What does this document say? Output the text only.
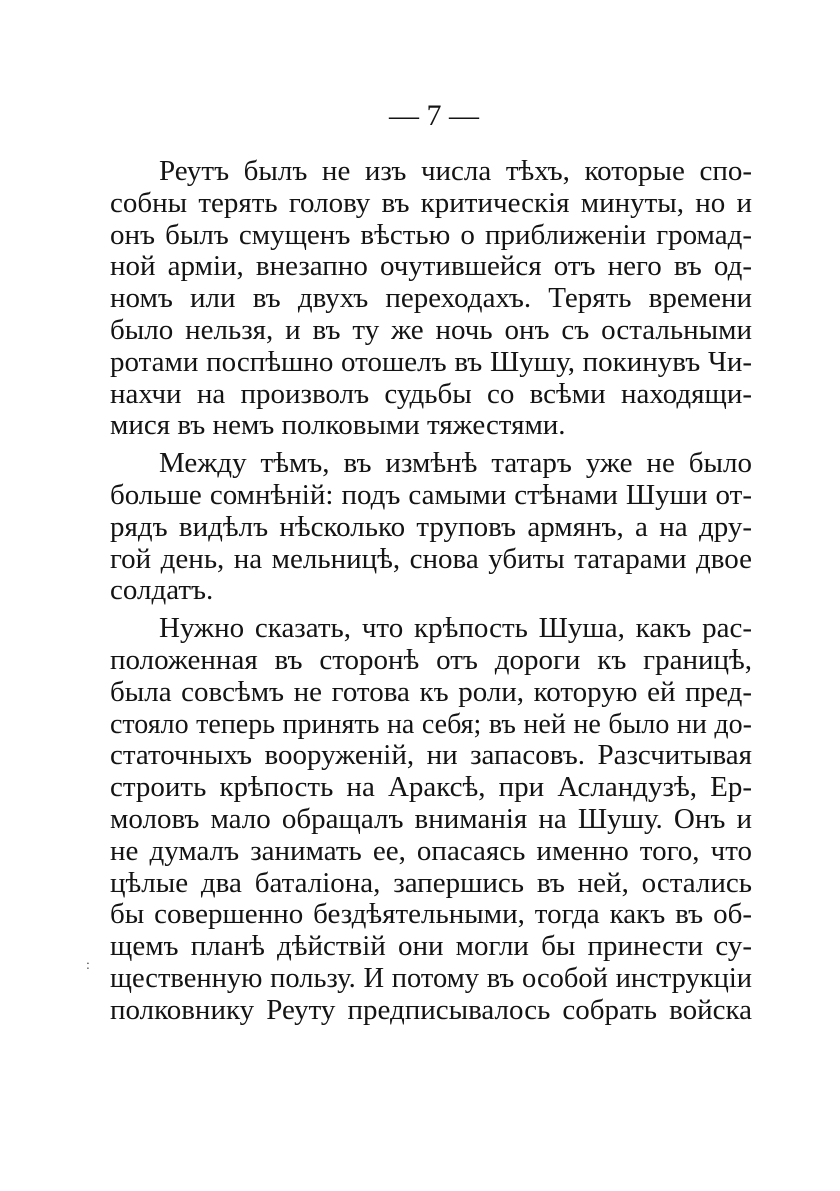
— 7 —
Реутъ былъ не изъ числа тѣхъ, которые спо-
собны терять голову въ критическія минуты, но и
онъ былъ смущенъ вѣстью о приближеніи громад-
ной арміи, внезапно очутившейся отъ него въ од-
номъ или въ двухъ переходахъ. Терять времени
было нельзя, и въ ту же ночь онъ съ остальными
ротами поспѣшно отошелъ въ Шушу, покинувъ Чи-
нахчи на произволъ судьбы со всѣми находящи-
мися въ немъ полковыми тяжестями.
Между тѣмъ, въ измѣнѣ татаръ уже не было
больше сомнѣній: подъ самыми стѣнами Шуши от-
рядъ видѣлъ нѣсколько труповъ армянъ, а на дру-
гой день, на мельницѣ, снова убиты татарами двое
солдатъ.
Нужно сказать, что крѣпость Шуша, какъ рас-
положенная въ сторонѣ отъ дороги къ границѣ,
была совсѣмъ не готова къ роли, которую ей пред-
стояло теперь принять на себя; въ ней не было ни до-
статочныхъ вооруженій, ни запасовъ. Разсчитывая
строить крѣпость на Араксѣ, при Асландузѣ, Ер-
моловъ мало обращалъ вниманія на Шушу. Онъ и
не думалъ занимать ее, опасаясь именно того, что
цѣлые два баталіона, запершись въ ней, остались
бы совершенно бездѣятельными, тогда какъ въ об-
щемъ планѣ дѣйствій они могли бы принести су-
щественную пользу. И потому въ особой инструкціи
полковнику Реуту предписывалось собрать войска
:
